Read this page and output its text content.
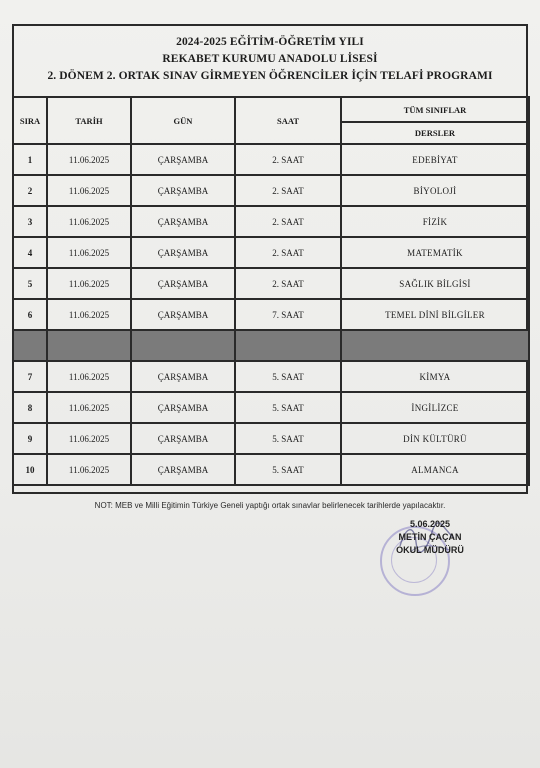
2024-2025 EĞİTİM-ÖĞRETİM YILI
REKABET KURUMU ANADOLU LİSESİ
2. DÖNEM 2. ORTAK SINAV GİRMEYEN ÖĞRENCİLER İÇİN TELAFİ PROGRAMI
SIRA	TARİH	GÜN	SAAT	TÜM SINIFLAR
				DERSLER
1	11.06.2025	ÇARŞAMBA	2. SAAT	EDEBİYAT
2	11.06.2025	ÇARŞAMBA	2. SAAT	BİYOLOJİ
3	11.06.2025	ÇARŞAMBA	2. SAAT	FİZİK
4	11.06.2025	ÇARŞAMBA	2. SAAT	MATEMATİK
5	11.06.2025	ÇARŞAMBA	2. SAAT	SAĞLIK BİLGİSİ
6	11.06.2025	ÇARŞAMBA	7. SAAT	TEMEL DİNİ BİLGİLER

7	11.06.2025	ÇARŞAMBA	5. SAAT	KİMYA
8	11.06.2025	ÇARŞAMBA	5. SAAT	İNGİLİZCE
9	11.06.2025	ÇARŞAMBA	5. SAAT	DİN KÜLTÜRÜ
10	11.06.2025	ÇARŞAMBA	5. SAAT	ALMANCA
NOT: MEB ve Milli Eğitimin Türkiye Geneli yaptığı ortak sınavlar belirlenecek tarihlerde yapılacaktır.
5.06.2025
METİN ÇAÇAN
OKUL MÜDÜRÜ
